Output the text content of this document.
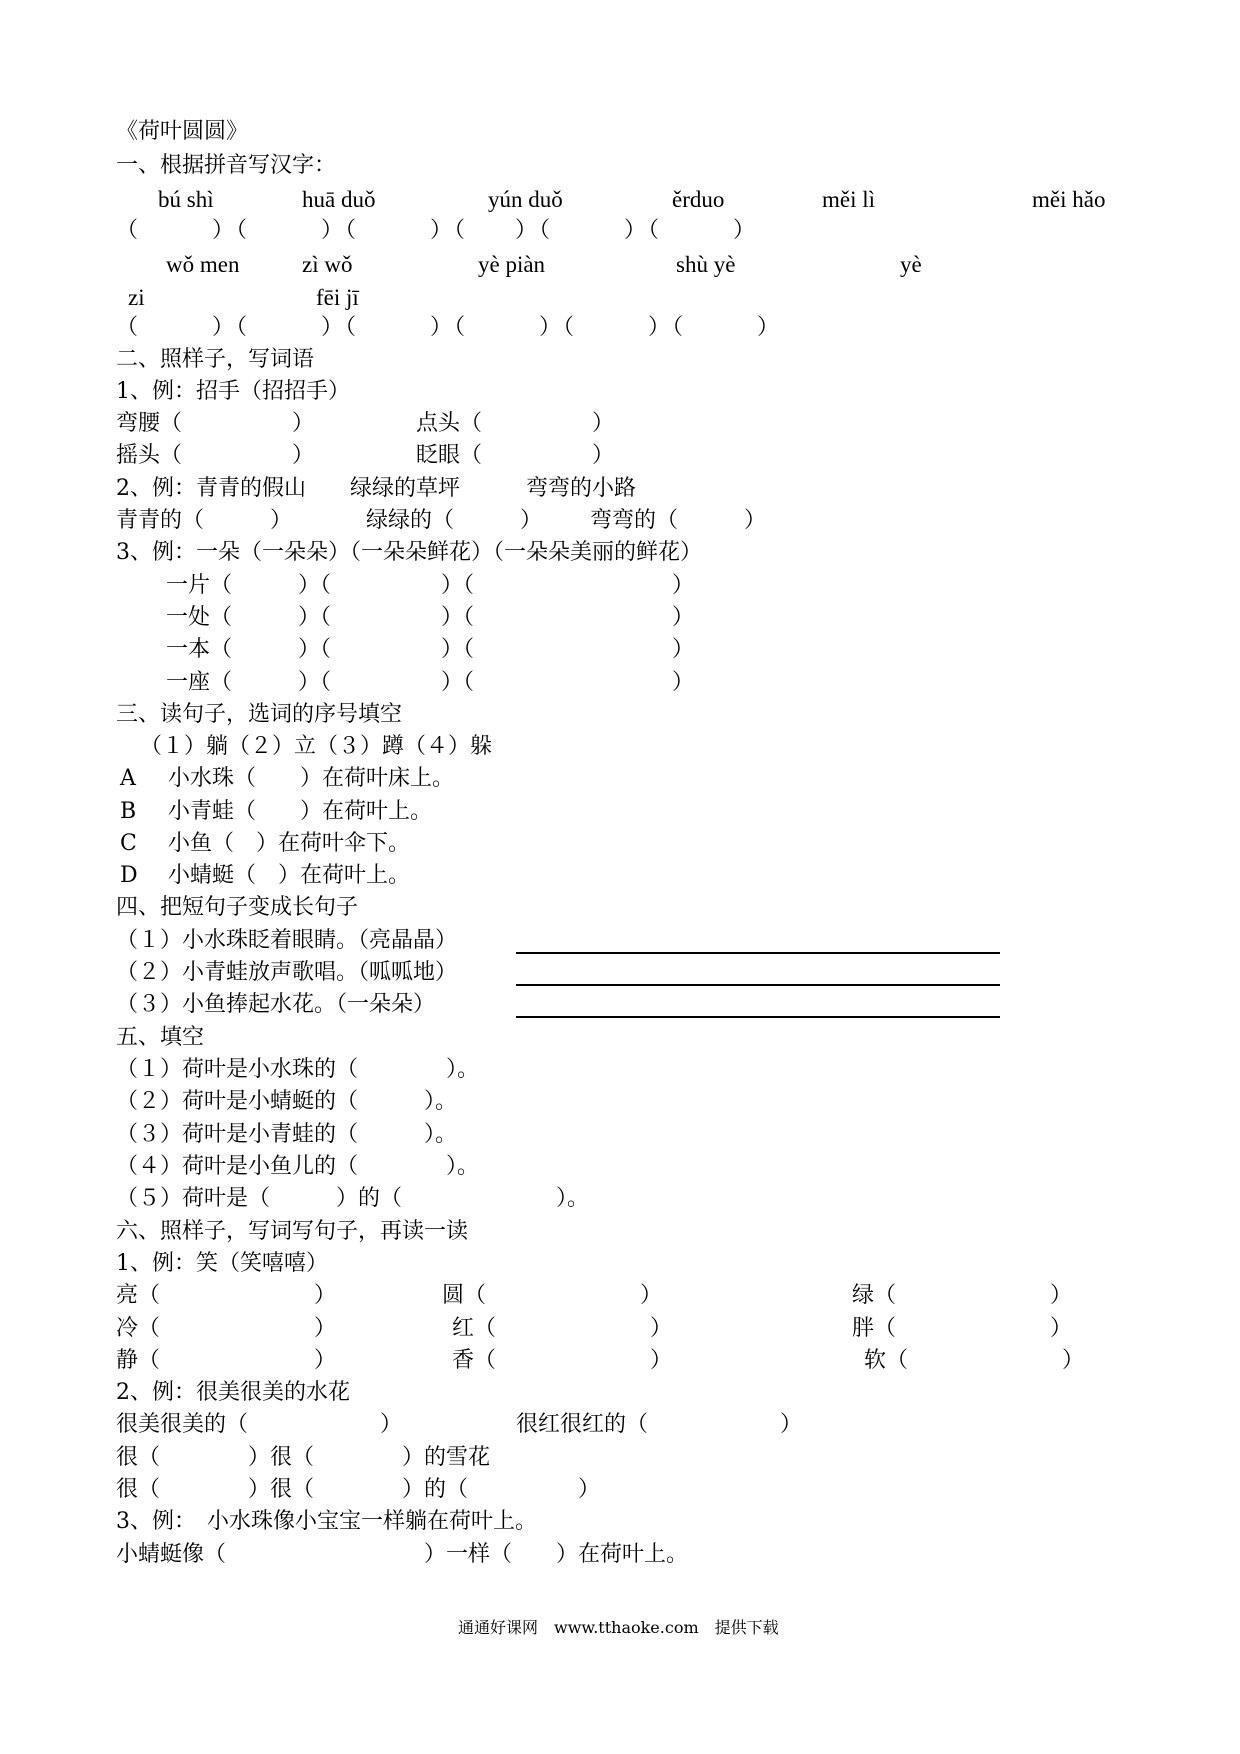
《荷叶圆圆》
一、根据拼音写汉字：
bú shì	huā duǒ	yún duǒ	ěrduo	měi lì	měi hǎo
（　　　）（　　　）（　　　）（　　）（　　　）（　　　）
wǒ men	zì wǒ	yè piàn	shù yè	yè
zi	fēi jī
（　　　）（　　　）（　　　）（　　　）（　　　）（　　　）
二、照样子，写词语
1、例：招手（招招手）
弯腰（　　　　　）	点头（　　　　　）
摇头（　　　　　）	眨眼（　　　　　）
2、例：青青的假山　　绿绿的草坪　　　弯弯的小路
青青的（　　　）	绿绿的（　　　） 弯弯的（　　　）
3、例：一朵（一朵朵）（一朵朵鲜花）（一朵朵美丽的鲜花）
一片（　　　）（　　　　　）（　　　　　　　　　）
一处（　　　）（　　　　　）（　　　　　　　　　）
一本（　　　）（　　　　　）（　　　　　　　　　）
一座（　　　）（　　　　　）（　　　　　　　　　）
三、读句子，选词的序号填空
（１）躺（２）立（３）蹲（４）躲
A 小水珠（　　）在荷叶床上。
B 小青蛙（　　）在荷叶上。
C 小鱼（　）在荷叶伞下。
D 小蜻蜓（　）在荷叶上。
四、把短句子变成长句子
（１）小水珠眨着眼睛。（亮晶晶）
（２）小青蛙放声歌唱。（呱呱地）
（３）小鱼捧起水花。（一朵朵）
五、填空
（１）荷叶是小水珠的（　　　　）。
（２）荷叶是小蜻蜓的（　　　）。
（３）荷叶是小青蛙的（　　　）。
（４）荷叶是小鱼儿的（　　　　）。
（５）荷叶是（　　　）的（　　　　　　　）。
六、照样子，写词写句子，再读一读
1、例：笑（笑嘻嘻）
亮（　　　　　　　）	圆（　　　　　　　）	绿（　　　　　　　）
冷（　　　　　　　）	红（　　　　　　　）	胖（　　　　　　　）
静（　　　　　　　）	香（　　　　　　　）	软（　　　　　　　）
2、例：很美很美的水花
很美很美的（　　　　　　）	很红很红的（　　　　　　）
很（　　　　）很（　　　　）的雪花
很（　　　　）很（　　　　）的（　　　　　）
3、例：　小水珠像小宝宝一样躺在荷叶上。
小蜻蜓像（　　　　　　　　　）一样（　　）在荷叶上。
通通好课网　www.tthaoke.com　提供下载
